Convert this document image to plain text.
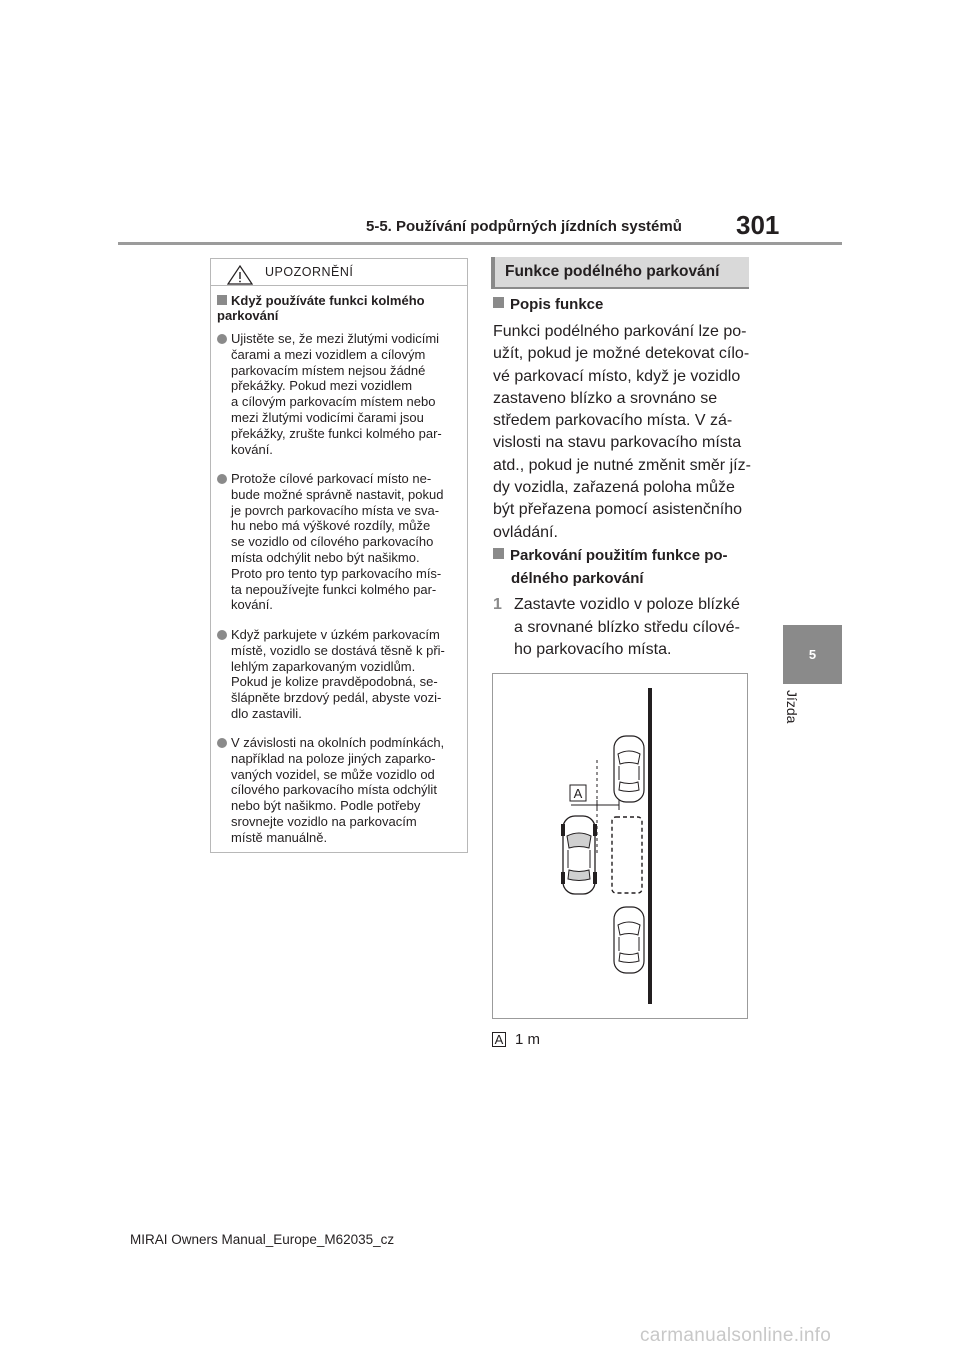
5-5. Používání podpůrných jízdních systémů 301
5
Jízda
UPOZORNĚNÍ
Když používáte funkci kolmého parkování
Ujistěte se, že mezi žlutými vodicími
čarami a mezi vozidlem a cílovým
parkovacím místem nejsou žádné
překážky. Pokud mezi vozidlem
a cílovým parkovacím místem nebo
mezi žlutými vodicími čarami jsou
překážky, zrušte funkci kolmého par-
kování.
Protože cílové parkovací místo ne-
bude možné správně nastavit, pokud
je povrch parkovacího místa ve sva-
hu nebo má výškové rozdíly, může
se vozidlo od cílového parkovacího
místa odchýlit nebo být našikmo.
Proto pro tento typ parkovacího mís-
ta nepoužívejte funkci kolmého par-
kování.
Když parkujete v úzkém parkovacím
místě, vozidlo se dostává těsně k při-
lehlým zaparkovaným vozidlům.
Pokud je kolize pravděpodobná, se-
šlápněte brzdový pedál, abyste vozi-
dlo zastavili.
V závislosti na okolních podmínkách,
například na poloze jiných zaparko-
vaných vozidel, se může vozidlo od
cílového parkovacího místa odchýlit
nebo být našikmo. Podle potřeby
srovnejte vozidlo na parkovacím
místě manuálně.
Funkce podélného parkování
Popis funkce
Funkci podélného parkování lze po-
užít, pokud je možné detekovat cílo-
vé parkovací místo, když je vozidlo
zastaveno blízko a srovnáno se
středem parkovacího místa. V zá-
vislosti na stavu parkovacího místa
atd., pokud je nutné změnit směr jíz-
dy vozidla, zařazená poloha může
být přeřazena pomocí asistenčního
ovládání.
Parkování použitím funkce po-
délného parkování
1 Zastavte vozidlo v poloze blízké
a srovnané blízko středu cílové-
ho parkovacího místa.
A
A 1 m
MIRAI Owners Manual_Europe_M62035_cz
carmanualsonline.info
